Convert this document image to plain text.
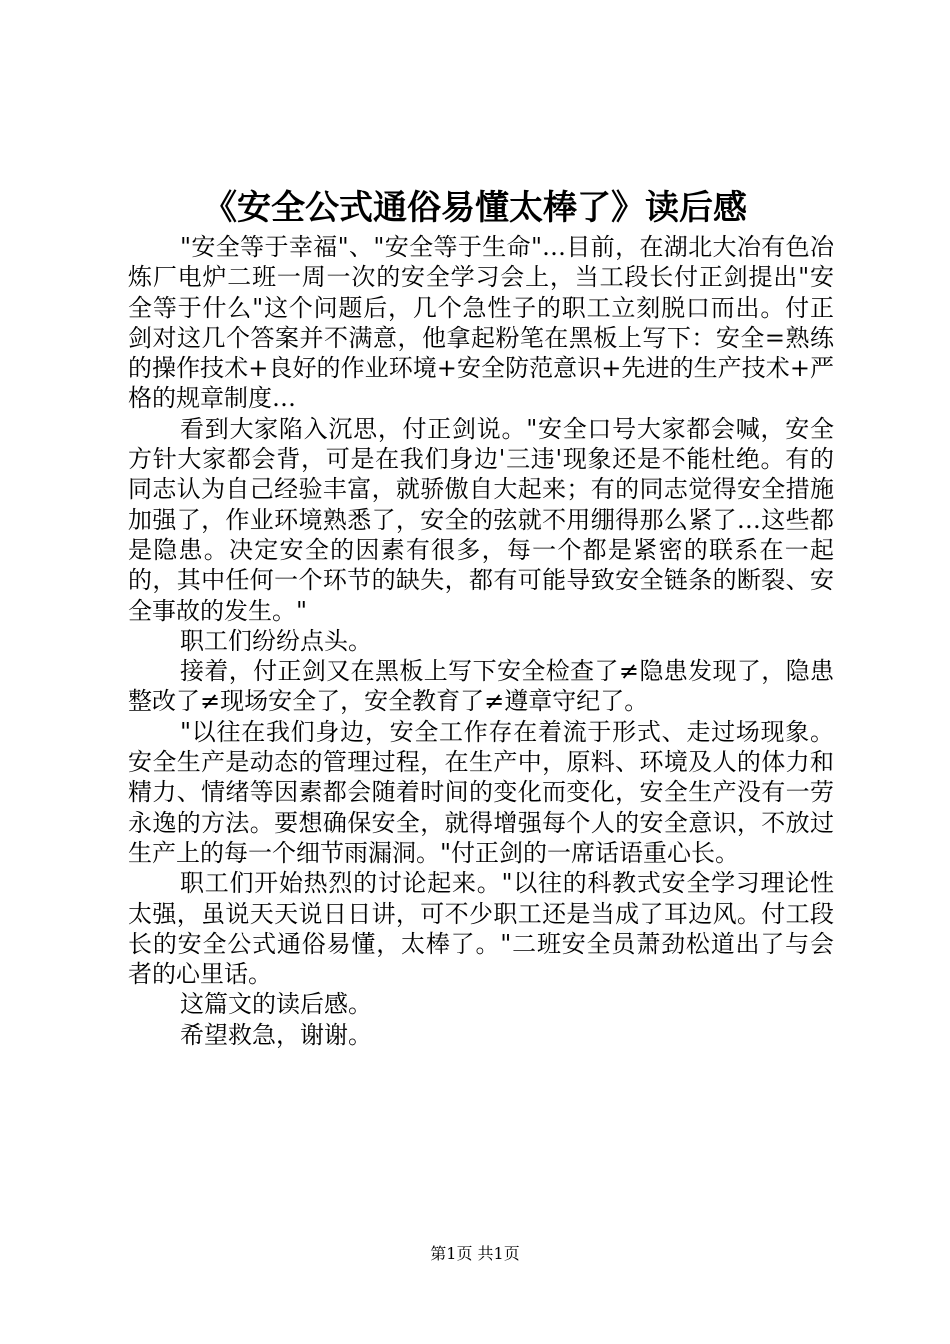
《安全公式通俗易懂太棒了》读后感

"安全等于幸福"、"安全等于生命"…目前，在湖北大冶有色冶炼厂电炉二班一周一次的安全学习会上，当工段长付正剑提出"安全等于什么"这个问题后，几个急性子的职工立刻脱口而出。付正剑对这几个答案并不满意，他拿起粉笔在黑板上写下：安全=熟练的操作技术+良好的作业环境+安全防范意识+先进的生产技术+严格的规章制度…

看到大家陷入沉思，付正剑说。"安全口号大家都会喊，安全方针大家都会背，可是在我们身边'三违'现象还是不能杜绝。有的同志认为自己经验丰富，就骄傲自大起来；有的同志觉得安全措施加强了，作业环境熟悉了，安全的弦就不用绷得那么紧了…这些都是隐患。决定安全的因素有很多，每一个都是紧密的联系在一起的，其中任何一个环节的缺失，都有可能导致安全链条的断裂、安全事故的发生。"

职工们纷纷点头。

接着，付正剑又在黑板上写下安全检查了≠隐患发现了，隐患整改了≠现场安全了，安全教育了≠遵章守纪了。

"以往在我们身边，安全工作存在着流于形式、走过场现象。安全生产是动态的管理过程，在生产中，原料、环境及人的体力和精力、情绪等因素都会随着时间的变化而变化，安全生产没有一劳永逸的方法。要想确保安全，就得增强每个人的安全意识，不放过生产上的每一个细节雨漏洞。"付正剑的一席话语重心长。

职工们开始热烈的讨论起来。"以往的科教式安全学习理论性太强，虽说天天说日日讲，可不少职工还是当成了耳边风。付工段长的安全公式通俗易懂，太棒了。"二班安全员萧劲松道出了与会者的心里话。

这篇文的读后感。

希望救急，谢谢。

第1页 共1页
